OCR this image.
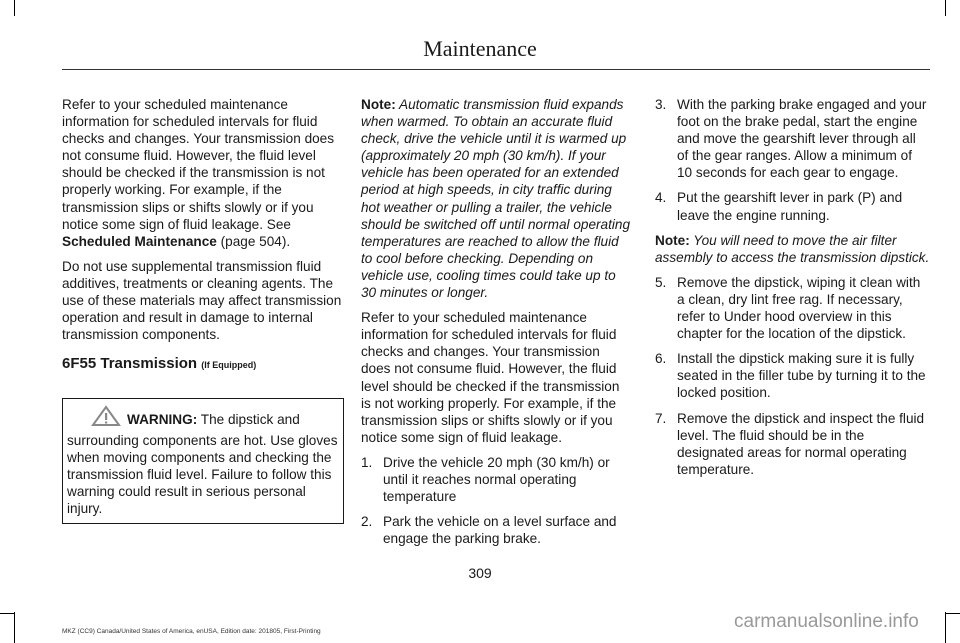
Maintenance

Refer to your scheduled maintenance information for scheduled intervals for fluid checks and changes. Your transmission does not consume fluid. However, the fluid level should be checked if the transmission is not properly working. For example, if the transmission slips or shifts slowly or if you notice some sign of fluid leakage. See Scheduled Maintenance (page 504).

Do not use supplemental transmission fluid additives, treatments or cleaning agents. The use of these materials may affect transmission operation and result in damage to internal transmission components.

6F55 Transmission (If Equipped)
WARNING: The dipstick and surrounding components are hot. Use gloves when moving components and checking the transmission fluid level. Failure to follow this warning could result in serious personal injury.

Note: Automatic transmission fluid expands when warmed. To obtain an accurate fluid check, drive the vehicle until it is warmed up (approximately 20 mph (30 km/h). If your vehicle has been operated for an extended period at high speeds, in city traffic during hot weather or pulling a trailer, the vehicle should be switched off until normal operating temperatures are reached to allow the fluid to cool before checking. Depending on vehicle use, cooling times could take up to 30 minutes or longer.

Refer to your scheduled maintenance information for scheduled intervals for fluid checks and changes. Your transmission does not consume fluid. However, the fluid level should be checked if the transmission is not working properly. For example, if the transmission slips or shifts slowly or if you notice some sign of fluid leakage.

1. Drive the vehicle 20 mph (30 km/h) or until it reaches normal operating temperature
2. Park the vehicle on a level surface and engage the parking brake.
3. With the parking brake engaged and your foot on the brake pedal, start the engine and move the gearshift lever through all of the gear ranges. Allow a minimum of 10 seconds for each gear to engage.
4. Put the gearshift lever in park (P) and leave the engine running.

Note: You will need to move the air filter assembly to access the transmission dipstick.

5. Remove the dipstick, wiping it clean with a clean, dry lint free rag. If necessary, refer to Under hood overview in this chapter for the location of the dipstick.
6. Install the dipstick making sure it is fully seated in the filler tube by turning it to the locked position.
7. Remove the dipstick and inspect the fluid level. The fluid should be in the designated areas for normal operating temperature.
309
MKZ (CC9) Canada/United States of America, enUSA, Edition date: 201805, First-Printing	carmanualsonline.info
